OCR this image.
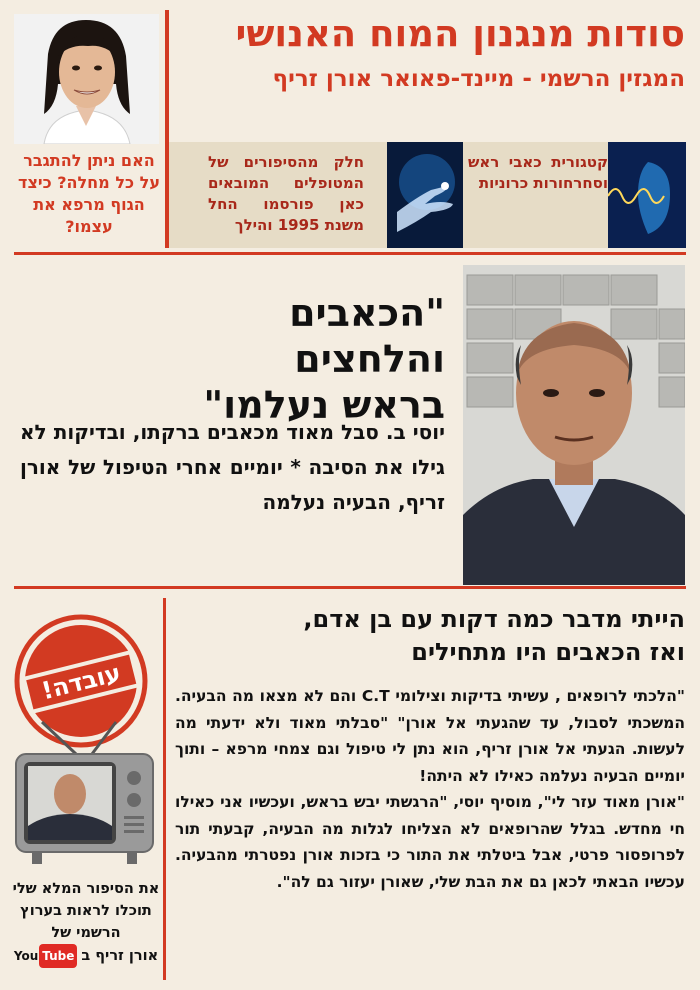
סודות מנגנון המוח האנושי
המגזין הרשמי - מיינד-פאואר אורן זריף
האם ניתן להתגבר על כל מחלה? כיצד הגוף מרפא את עצמו?
חלק מהסיפורים של המטופלים המובאים כאן פורסמו החל משנת 1995 והילך
קטגורית כאבי ראש וסחרחורות כרוניות
"הכאבים והלחצים
בראש נעלמו"
יוסי ב. סבל מאוד מכאבים ברקתו, ובדיקות לא גילו את הסיבה * יומיים אחרי הטיפול של אורן זריף, הבעיה נעלמה
הייתי מדבר כמה דקות עם בן אדם,
ואז הכאבים היו מתחילים

"הלכתי לרופאים , עשיתי בדיקות וצילומי C.T והם לא מצאו מה הבעיה. המשכתי לסבול, עד שהגעתי אל אורן" "סבלתי מאוד ולא ידעתי מה לעשות. הגעתי אל אורן זריף, הוא נתן לי טיפול וגם צמחי מרפא – ותוך יומיים הבעיה נעלמה כאילו לא היתה!

"אורן מאוד עזר לי", מוסיף יוסי, "הרגשתי יבש בראש, ועכשיו אני כאילו חי מחדש. בגלל שהרופאים לא הצליחו לגלות מה הבעיה, קבעתי תור לפרופסור פרטי, אבל ביטלתי את התור כי בזכות אורן נפטרתי מהבעיה. עכשיו הבאתי לכאן גם את הבת שלי, שאורן יעזור גם לה".

עובדה!
את הסיפור המלא שלי תוכלו לראות בערוץ הרשמי של
אורן זריף ב
You Tube
